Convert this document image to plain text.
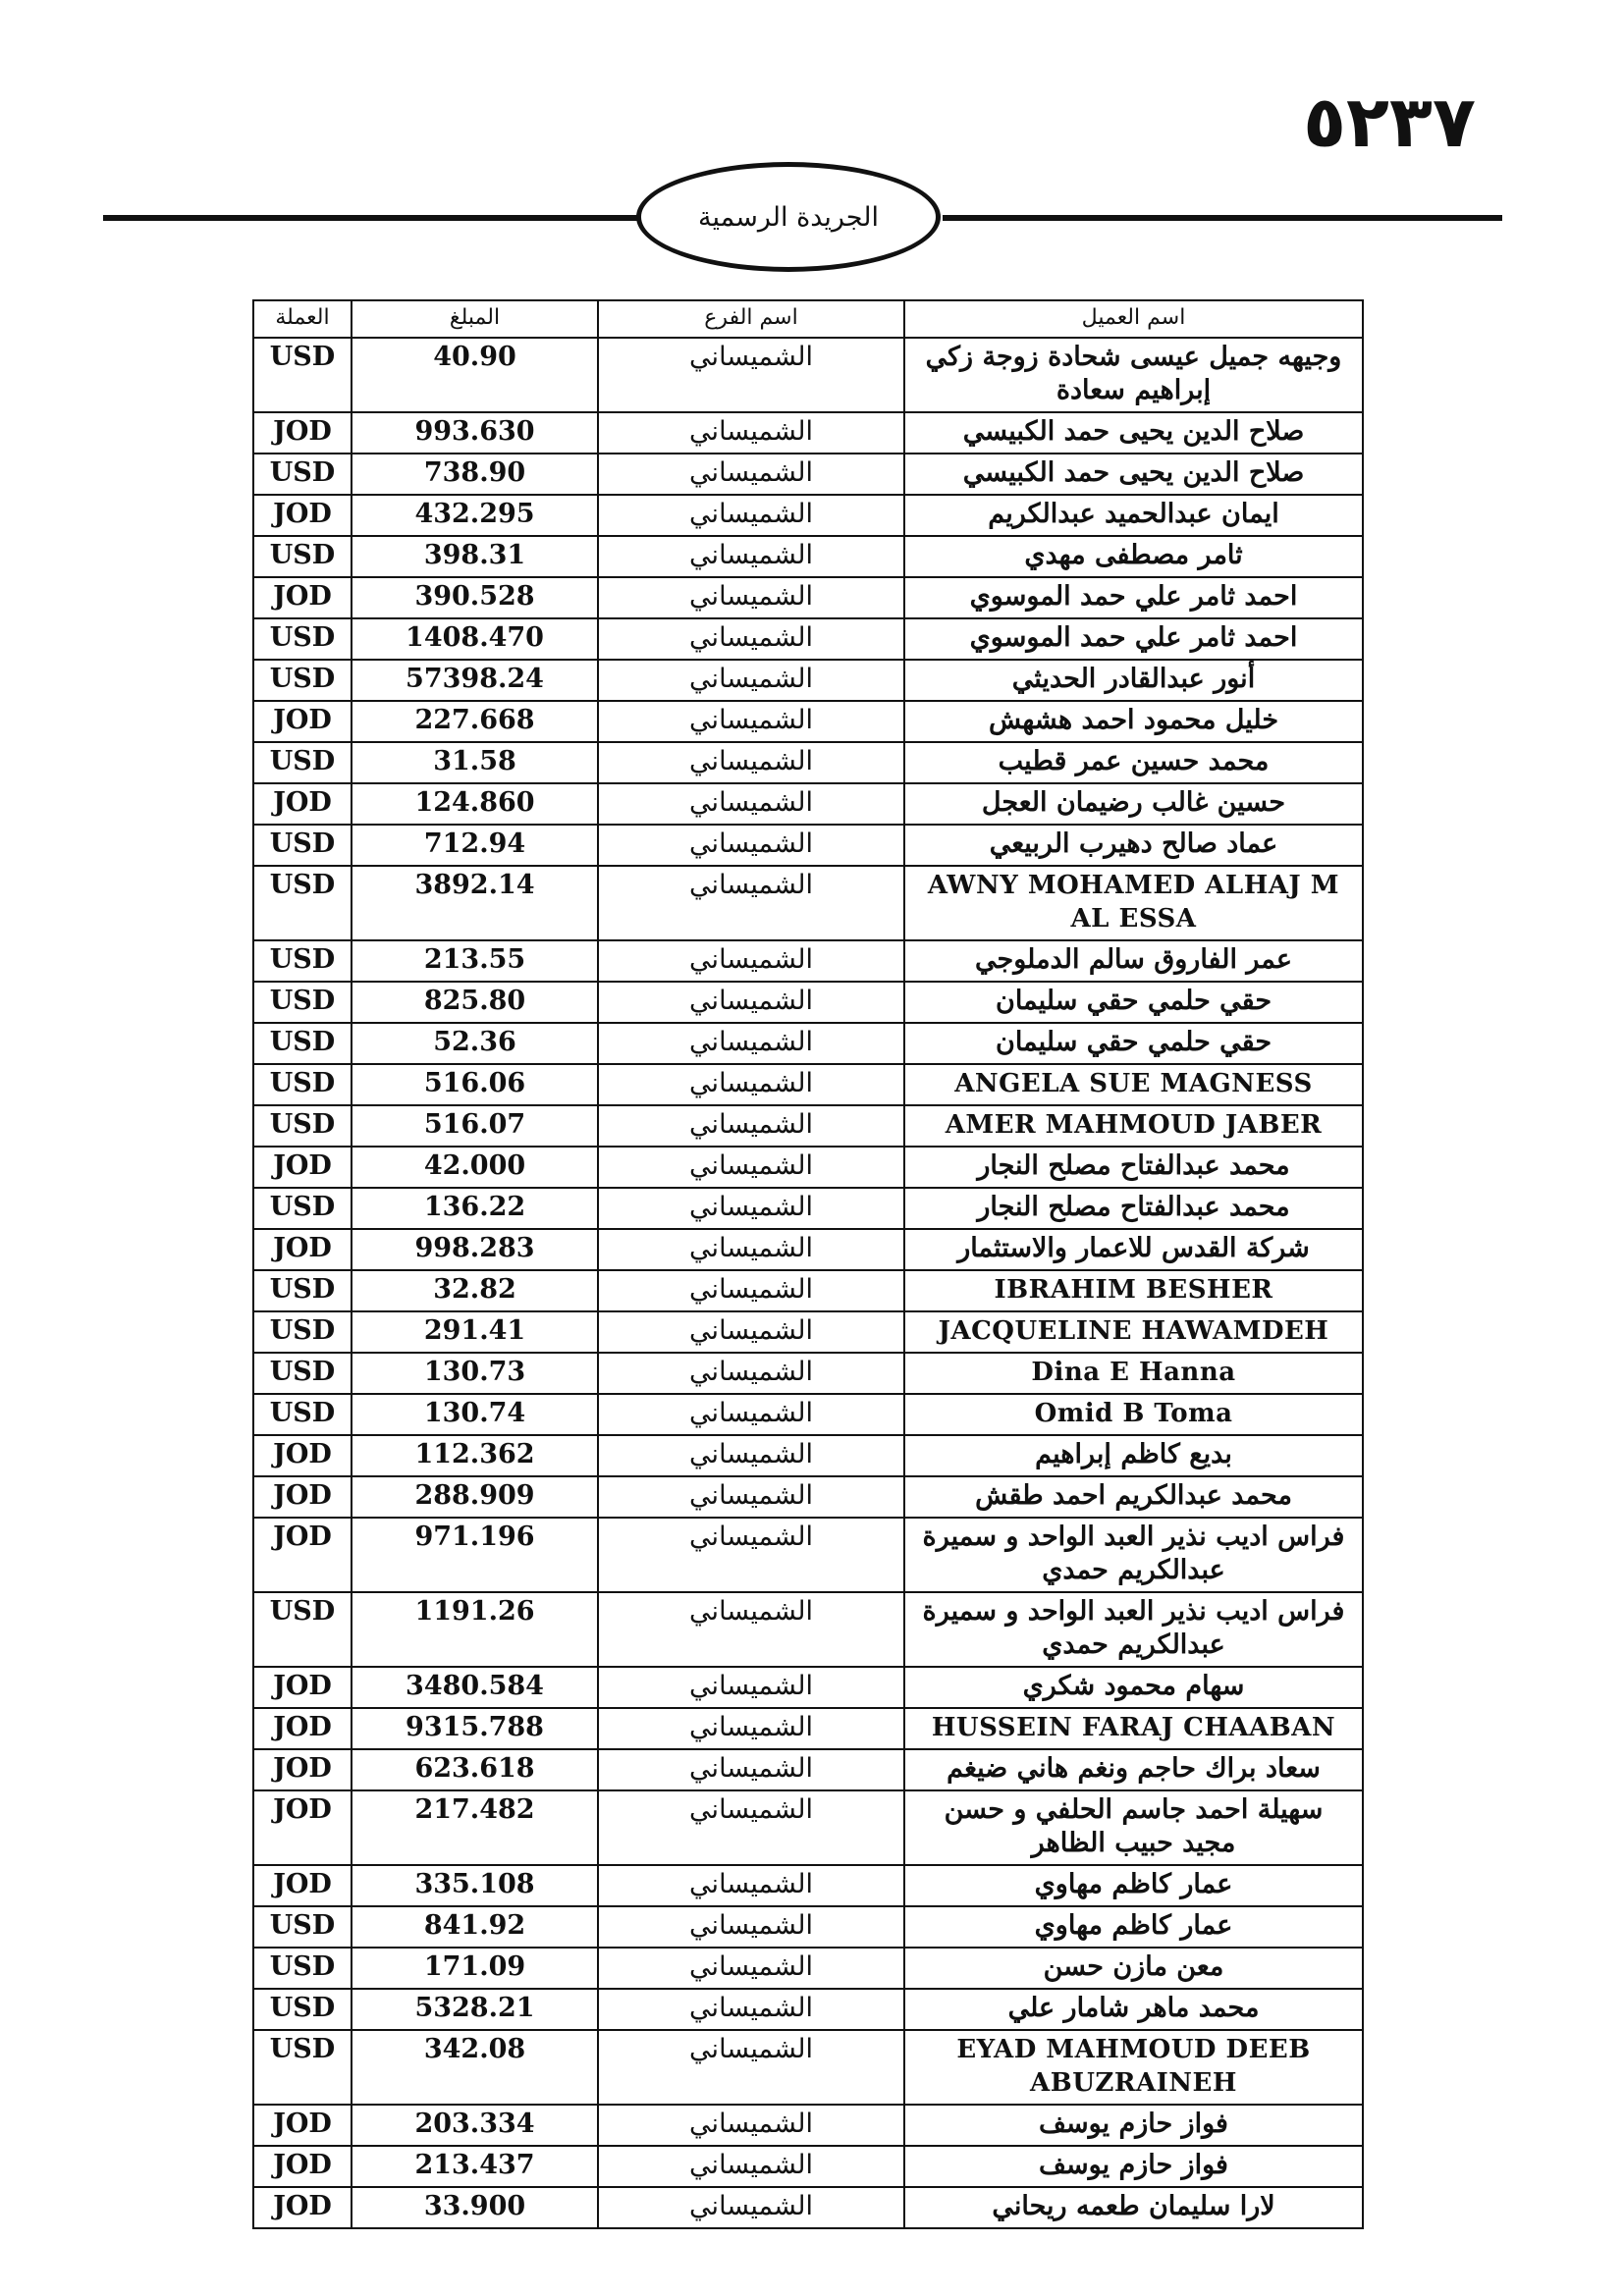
٥٢٣٧
الجريدة الرسمية
العملة	المبلغ	اسم الفرع	اسم العميل
USD	40.90	الشميساني	وجيهه جميل عيسى شحادة زوجة زكي إبراهيم سعادة
JOD	993.630	الشميساني	صلاح الدين يحيى حمد الكبيسي
USD	738.90	الشميساني	صلاح الدين يحيى حمد الكبيسي
JOD	432.295	الشميساني	ايمان عبدالحميد عبدالكريم
USD	398.31	الشميساني	ثامر مصطفى مهدي
JOD	390.528	الشميساني	احمد ثامر علي حمد الموسوي
USD	1408.470	الشميساني	احمد ثامر علي حمد الموسوي
USD	57398.24	الشميساني	أنور عبدالقادر الحديثي
JOD	227.668	الشميساني	خليل محمود احمد هشهش
USD	31.58	الشميساني	محمد حسين عمر قطيب
JOD	124.860	الشميساني	حسين غالب رضيمان العجل
USD	712.94	الشميساني	عماد صالح دهيرب الربيعي
USD	3892.14	الشميساني	AWNY MOHAMED ALHAJ M AL ESSA
USD	213.55	الشميساني	عمر الفاروق سالم الدملوجي
USD	825.80	الشميساني	حقي حلمي حقي سليمان
USD	52.36	الشميساني	حقي حلمي حقي سليمان
USD	516.06	الشميساني	ANGELA SUE MAGNESS
USD	516.07	الشميساني	AMER MAHMOUD JABER
JOD	42.000	الشميساني	محمد عبدالفتاح مصلح النجار
USD	136.22	الشميساني	محمد عبدالفتاح مصلح النجار
JOD	998.283	الشميساني	شركة القدس للاعمار والاستثمار
USD	32.82	الشميساني	IBRAHIM BESHER
USD	291.41	الشميساني	JACQUELINE HAWAMDEH
USD	130.73	الشميساني	Dina E Hanna
USD	130.74	الشميساني	Omid B Toma
JOD	112.362	الشميساني	بديع كاظم إبراهيم
JOD	288.909	الشميساني	محمد عبدالكريم احمد طقش
JOD	971.196	الشميساني	فراس اديب نذير العبد الواحد و سميرة عبدالكريم حمدي
USD	1191.26	الشميساني	فراس اديب نذير العبد الواحد و سميرة عبدالكريم حمدي
JOD	3480.584	الشميساني	سهام محمود شكري
JOD	9315.788	الشميساني	HUSSEIN FARAJ CHAABAN
JOD	623.618	الشميساني	سعاد براك حاجم ونغم هاني ضيغم
JOD	217.482	الشميساني	سهيلة احمد جاسم الحلفي و حسن مجيد حبيب الظاهر
JOD	335.108	الشميساني	عمار كاظم مهاوي
USD	841.92	الشميساني	عمار كاظم مهاوي
USD	171.09	الشميساني	معن مازن حسن
USD	5328.21	الشميساني	محمد ماهر شامار علي
USD	342.08	الشميساني	EYAD MAHMOUD DEEB ABUZRAINEH
JOD	203.334	الشميساني	فواز حازم يوسف
JOD	213.437	الشميساني	فواز حازم يوسف
JOD	33.900	الشميساني	لارا سليمان طعمه ريحاني
